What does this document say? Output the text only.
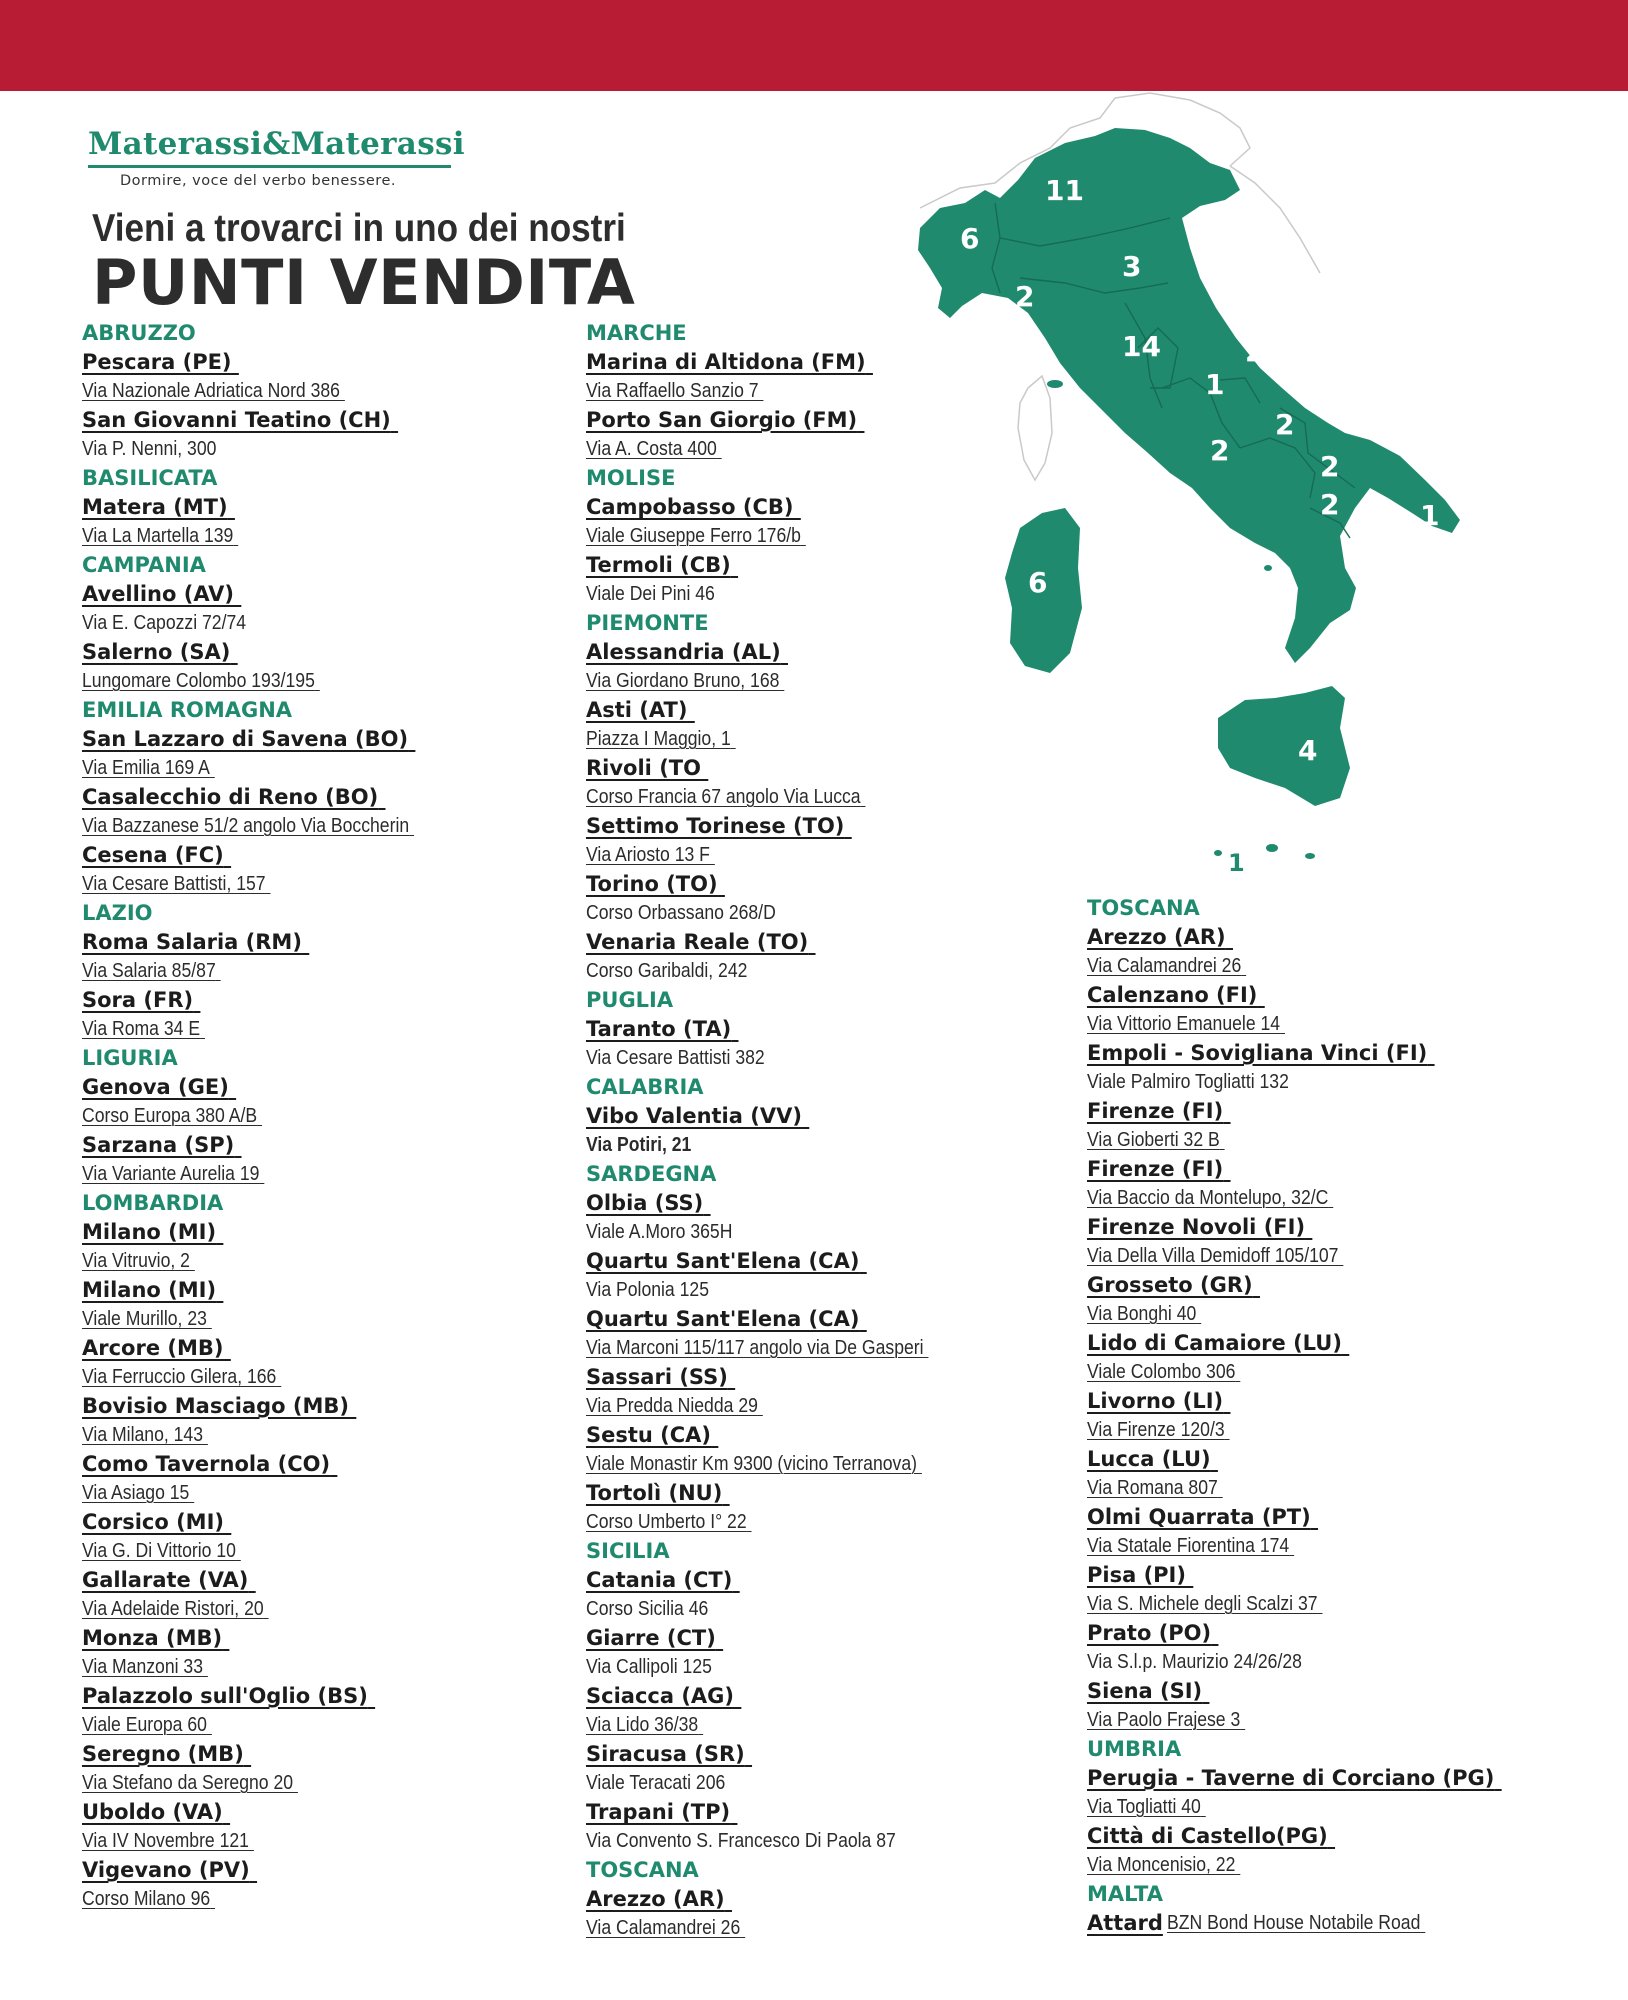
Materassi&Materassi
Dormire, voce del verbo benessere.
Vieni a trovarci in uno dei nostri
PUNTI VENDITA
11
6
2
3
14	2
1
2
2
2
2	1
1
6
4
1
ABRUZZO
Pescara (PE)
Via Nazionale Adriatica Nord 386
San Giovanni Teatino (CH)
Via P. Nenni, 300
BASILICATA
Matera (MT)
Via La Martella 139
CAMPANIA
Avellino (AV)
Via E. Capozzi 72/74
Salerno (SA)
Lungomare Colombo 193/195
EMILIA ROMAGNA
San Lazzaro di Savena (BO)
Via Emilia 169 A
Casalecchio di Reno (BO)
Via Bazzanese 51/2 angolo Via Boccherin
Cesena (FC)
Via Cesare Battisti, 157
LAZIO
Roma Salaria (RM)
Via Salaria 85/87
Sora (FR)
Via Roma 34 E
LIGURIA
Genova (GE)
Corso Europa 380 A/B
Sarzana (SP)
Via Variante Aurelia 19
LOMBARDIA
Milano (MI)
Via Vitruvio, 2
Milano (MI)
Viale Murillo, 23
Arcore (MB)
Via Ferruccio Gilera, 166
Bovisio Masciago (MB)
Via Milano, 143
Como Tavernola (CO)
Via Asiago 15
Corsico (MI)
Via G. Di Vittorio 10
Gallarate (VA)
Via Adelaide Ristori, 20
Monza (MB)
Via Manzoni 33
Palazzolo sull'Oglio (BS)
Viale Europa 60
Seregno (MB)
Via Stefano da Seregno 20
Uboldo (VA)
Via IV Novembre 121
Vigevano (PV)
Corso Milano 96
MARCHE
Marina di Altidona (FM)
Via Raffaello Sanzio 7
Porto San Giorgio (FM)
Via A. Costa 400
MOLISE
Campobasso (CB)
Viale Giuseppe Ferro 176/b
Termoli (CB)
Viale Dei Pini 46
PIEMONTE
Alessandria (AL)
Via Giordano Bruno, 168
Asti (AT)
Piazza I Maggio, 1
Rivoli (TO
Corso Francia 67 angolo Via Lucca
Settimo Torinese (TO)
Via Ariosto 13 F
Torino (TO)
Corso Orbassano 268/D
Venaria Reale (TO)
Corso Garibaldi, 242
PUGLIA
Taranto (TA)
Via Cesare Battisti 382
CALABRIA
Vibo Valentia (VV)
Via Potiri, 21
SARDEGNA
Olbia (SS)
Viale A.Moro 365H
Quartu Sant'Elena (CA)
Via Polonia 125
Quartu Sant'Elena (CA)
Via Marconi 115/117 angolo via De Gasperi
Sassari (SS)
Via Predda Niedda 29
Sestu (CA)
Viale Monastir Km 9300 (vicino Terranova)
Tortolì (NU)
Corso Umberto I° 22
SICILIA
Catania (CT)
Corso Sicilia 46
Giarre (CT)
Via Callipoli 125
Sciacca (AG)
Via Lido 36/38
Siracusa (SR)
Viale Teracati 206
Trapani (TP)
Via Convento S. Francesco Di Paola 87
TOSCANA
Arezzo (AR)
Via Calamandrei 26
TOSCANA
Arezzo (AR)
Via Calamandrei 26
Calenzano (FI)
Via Vittorio Emanuele 14
Empoli - Sovigliana Vinci (FI)
Viale Palmiro Togliatti 132
Firenze (FI)
Via Gioberti 32 B
Firenze (FI)
Via Baccio da Montelupo, 32/C
Firenze Novoli (FI)
Via Della Villa Demidoff 105/107
Grosseto (GR)
Via Bonghi 40
Lido di Camaiore (LU)
Viale Colombo 306
Livorno (LI)
Via Firenze 120/3
Lucca (LU)
Via Romana 807
Olmi Quarrata (PT)
Via Statale Fiorentina 174
Pisa (PI)
Via S. Michele degli Scalzi 37
Prato (PO)
Via S.l.p. Maurizio 24/26/28
Siena (SI)
Via Paolo Frajese 3
UMBRIA
Perugia - Taverne di Corciano (PG)
Via Togliatti 40
Città di Castello(PG)
Via Moncenisio, 22
MALTA
Attard BZN Bond House Notabile Road
